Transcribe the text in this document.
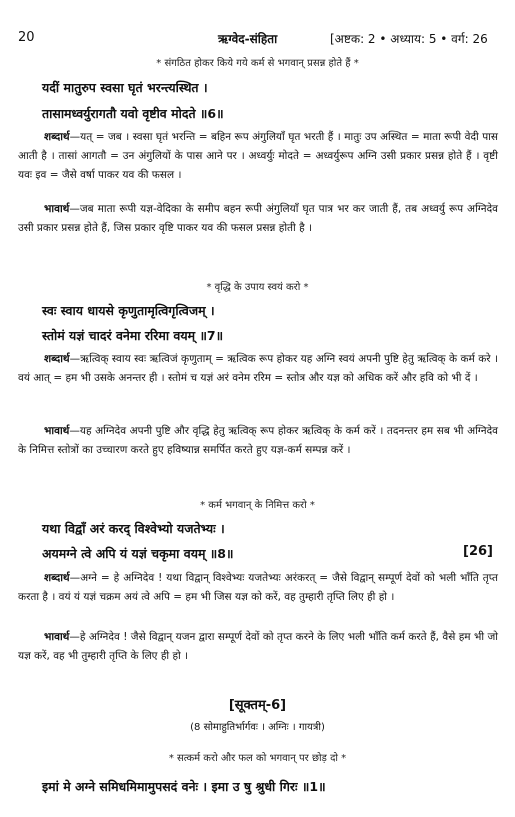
20	ऋग्वेद-संहिता	[अष्टक: 2 • अध्याय: 5 • वर्ग: 26
* संगठित होकर किये गये कर्म से भगवान् प्रसन्न होते हैं *
यदीं मातुरुप स्वसा घृतं भरन्त्यस्थित ।
तासामध्वर्युरागतौ यवो वृष्टीव मोदते ॥6॥
शब्दार्थ—यत् = जब । स्वसा घृतं भरन्ति = बहिन रूप अंगुलियाँ घृत भरती हैं । मातुः उप अस्थित = माता रूपी वेदी पास आती है । तासां आगतौ = उन अंगुलियों के पास आने पर । अध्वर्युः मोदते = अध्वर्युरूप अग्नि उसी प्रकार प्रसन्न होते हैं । वृष्टी यवः इव = जैसे वर्षा पाकर यव की फसल ।
भावार्थ—जब माता रूपी यज्ञ-वेदिका के समीप बहन रूपी अंगुलियाँ घृत पात्र भर कर जाती हैं, तब अध्वर्यु रूप अग्निदेव उसी प्रकार प्रसन्न होते हैं, जिस प्रकार वृष्टि पाकर यव की फसल प्रसन्न होती है ।
* वृद्धि के उपाय स्वयं करो *
स्वः स्वाय धायसे कृणुतामृत्विगृत्विजम् ।
स्तोमं यज्ञं चादरं वनेमा ररिमा वयम् ॥7॥
शब्दार्थ—ऋत्विक् स्वाय स्वः ऋत्विजं कृणुताम् = ऋत्विक रूप होकर यह अग्नि स्वयं अपनी पुष्टि हेतु ऋत्विक् के कर्म करे । वयं आत् = हम भी उसके अनन्तर ही । स्तोमं च यज्ञं अरं वनेम ररिम = स्तोत्र और यज्ञ को अधिक करें और हवि को भी दें ।
भावार्थ—यह अग्निदेव अपनी पुष्टि और वृद्धि हेतु ऋत्विक् रूप होकर ऋत्विक् के कर्म करें । तदनन्तर हम सब भी अग्निदेव के निमित्त स्तोत्रों का उच्चारण करते हुए हविष्यान्न समर्पित करते हुए यज्ञ-कर्म सम्पन्न करें ।
* कर्म भगवान् के निमित्त करो *
यथा विद्वाँ अरं करद् विश्वेभ्यो यजतेभ्यः ।
अयमग्ने त्वे अपि यं यज्ञं चकृमा वयम् ॥8॥	[26]
शब्दार्थ—अग्ने = हे अग्निदेव ! यथा विद्वान् विश्वेभ्यः यजतेभ्यः अरंकरत् = जैसे विद्वान् सम्पूर्ण देवों को भली भाँति तृप्त करता है । वयं यं यज्ञं चक्रम अयं त्वे अपि = हम भी जिस यज्ञ को करें, वह तुम्हारी तृप्ति लिए ही हो ।
भावार्थ—हे अग्निदेव ! जैसे विद्वान् यजन द्वारा सम्पूर्ण देवों को तृप्त करने के लिए भली भाँति कर्म करते हैं, वैसे हम भी जो यज्ञ करें, वह भी तुम्हारी तृप्ति के लिए ही हो ।
[सूक्तम्-6]
(8 सोमाहुतिर्भार्गवः । अग्निः । गायत्री)
* सत्कर्म करो और फल को भगवान् पर छोड़ दो *
इमां मे अग्ने समिधमिमामुपसदं वनेः । इमा उ षु श्रुधी गिरः ॥1॥
